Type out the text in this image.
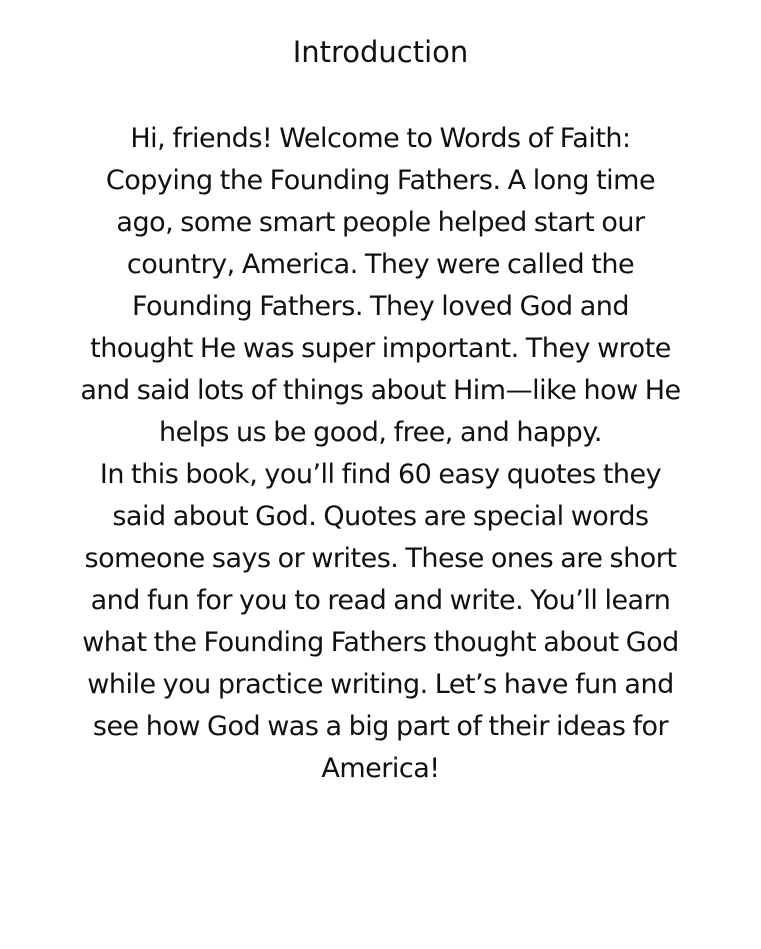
Introduction

Hi, friends! Welcome to Words of Faith: Copying the Founding Fathers. A long time ago, some smart people helped start our country, America. They were called the Founding Fathers. They loved God and thought He was super important. They wrote and said lots of things about Him—like how He helps us be good, free, and happy.

In this book, you’ll find 60 easy quotes they said about God. Quotes are special words someone says or writes. These ones are short and fun for you to read and write. You’ll learn what the Founding Fathers thought about God while you practice writing. Let’s have fun and see how God was a big part of their ideas for America!
